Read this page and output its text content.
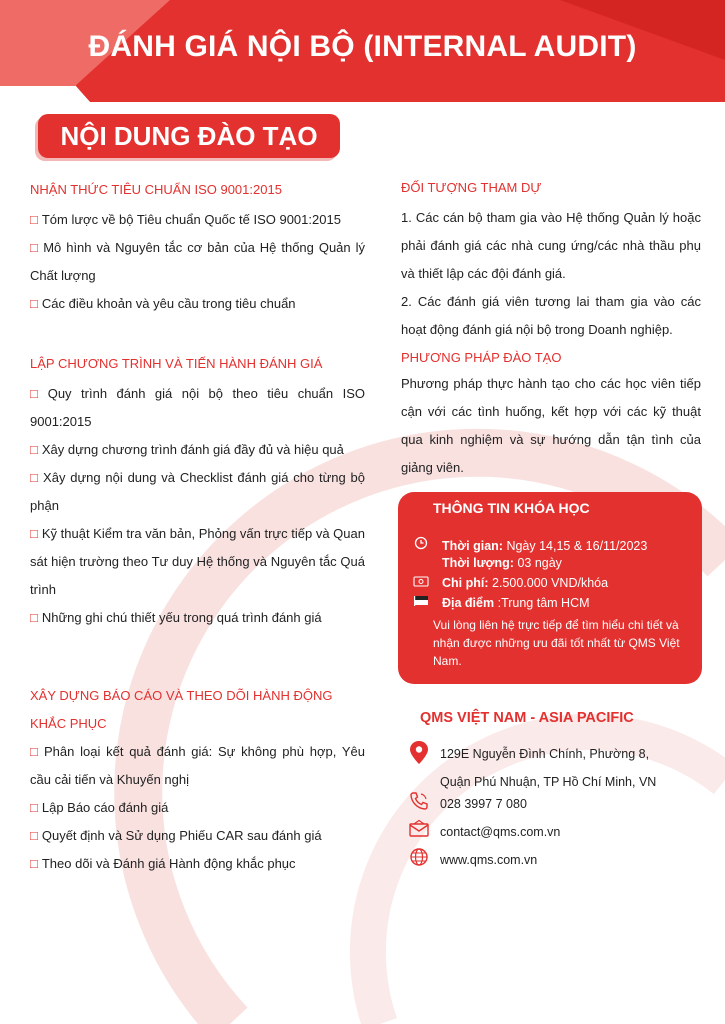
ĐÁNH GIÁ NỘI BỘ (INTERNAL AUDIT)
NỘI DUNG ĐÀO TẠO
NHẬN THỨC TIÊU CHUẨN ISO 9001:2015
□ Tóm lược về bộ Tiêu chuẩn Quốc tế ISO 9001:2015
□ Mô hình và Nguyên tắc cơ bản của Hệ thống Quản lý Chất lượng
□ Các điều khoản và yêu cầu trong tiêu chuẩn
LẬP CHƯƠNG TRÌNH VÀ TIẾN HÀNH ĐÁNH GIÁ
□ Quy trình đánh giá nội bộ theo tiêu chuẩn ISO 9001:2015
□ Xây dựng chương trình đánh giá đầy đủ và hiệu quả
□ Xây dựng nội dung và Checklist đánh giá cho từng bộ phận
□ Kỹ thuật Kiểm tra văn bản, Phỏng vấn trực tiếp và Quan sát hiện trường theo Tư duy Hệ thống và Nguyên tắc Quá trình
□ Những ghi chú thiết yếu trong quá trình đánh giá
XÂY DỰNG BÁO CÁO VÀ THEO DÕI HÀNH ĐỘNG KHẮC PHỤC
□ Phân loại kết quả đánh giá: Sự không phù hợp, Yêu cầu cải tiến và Khuyến nghị
□ Lập Báo cáo đánh giá
□ Quyết định và Sử dụng Phiếu CAR sau đánh giá
□ Theo dõi và Đánh giá Hành động khắc phục
ĐỐI TƯỢNG THAM DỰ
1. Các cán bộ tham gia vào Hệ thống Quản lý hoặc phải đánh giá các nhà cung ứng/các nhà thầu phụ và thiết lập các đội đánh giá.
2. Các đánh giá viên tương lai tham gia vào các hoạt động đánh giá nội bộ trong Doanh nghiệp.
PHƯƠNG PHÁP ĐÀO TẠO
Phương pháp thực hành tạo cho các học viên tiếp cận với các tình huống, kết hợp với các kỹ thuật qua kinh nghiệm và sự hướng dẫn tận tình của giảng viên.
THÔNG TIN KHÓA HỌC
Thời gian:
Ngày 14,15 & 16/11/2023
Thời lượng:
03 ngày
Chi phí:
2.500.000 VND/khóa
Địa điểm
:Trung tâm HCM
Vui lòng liên hệ trực tiếp để tìm hiểu chi tiết và nhận được những ưu đãi tốt nhất từ QMS Việt Nam.
QMS VIỆT NAM - ASIA PACIFIC
129E Nguyễn Đình Chính, Phường 8,
Quận Phú Nhuận, TP Hồ Chí Minh, VN
028 3997 7 080
contact@qms.com.vn
www.qms.com.vn
